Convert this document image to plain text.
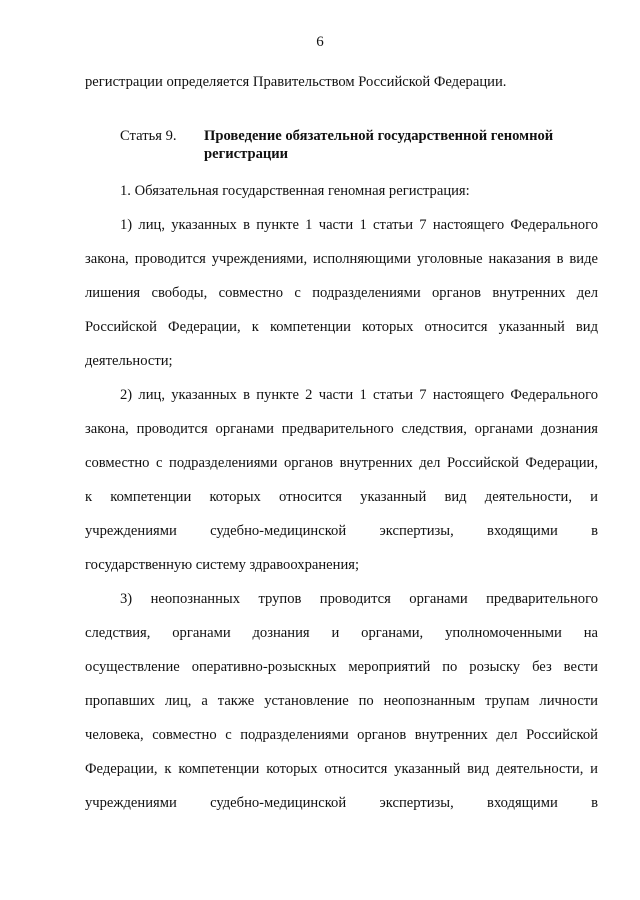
6
регистрации определяется Правительством Российской Федерации.
Статья 9. Проведение обязательной государственной геномной регистрации
1. Обязательная государственная геномная регистрация:
1) лиц, указанных в пункте 1 части 1 статьи 7 настоящего Федерального
закона, проводится учреждениями, исполняющими уголовные наказания в виде
лишения свободы, совместно с подразделениями органов внутренних дел
Российской Федерации, к компетенции которых относится указанный вид
деятельности;
2) лиц, указанных в пункте 2 части 1 статьи 7 настоящего Федерального
закона, проводится органами предварительного следствия, органами дознания
совместно с подразделениями органов внутренних дел Российской Федерации,
к компетенции которых относится указанный вид деятельности, и
учреждениями судебно-медицинской экспертизы, входящими в
государственную систему здравоохранения;
3) неопознанных трупов проводится органами предварительного
следствия, органами дознания и органами, уполномоченными на
осуществление оперативно-розыскных мероприятий по розыску без вести
пропавших лиц, а также установление по неопознанным трупам личности
человека, совместно с подразделениями органов внутренних дел Российской
Федерации, к компетенции которых относится указанный вид деятельности, и
учреждениями судебно-медицинской экспертизы, входящими в
